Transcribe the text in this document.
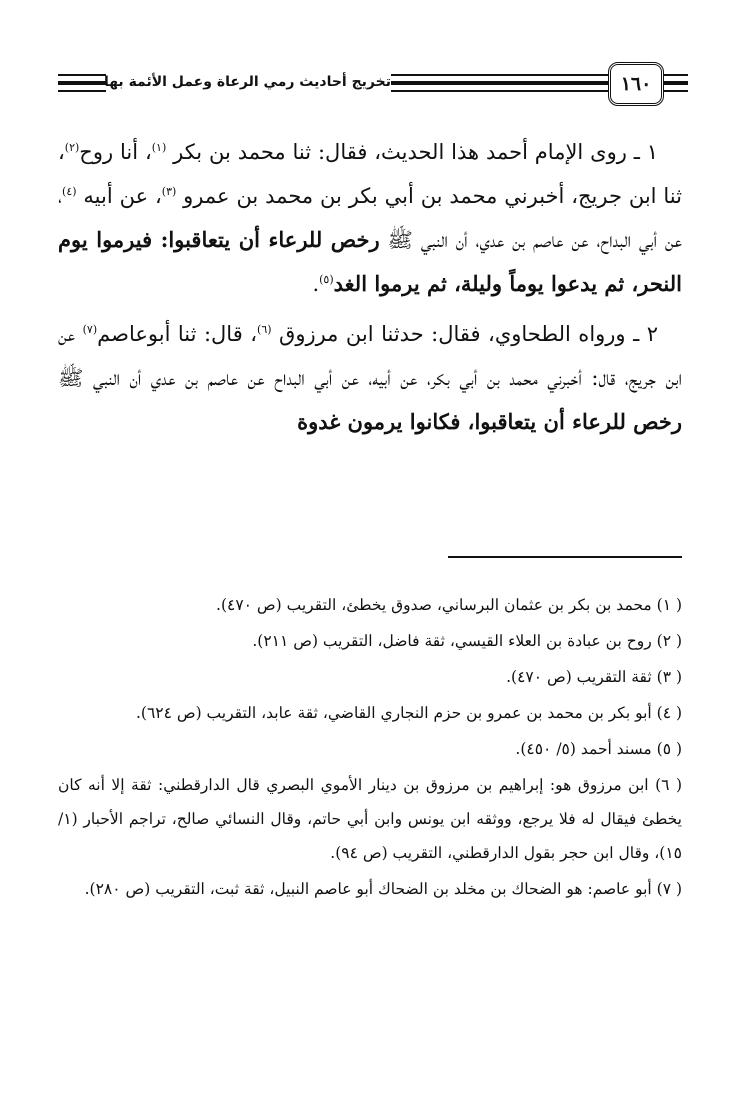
تخريج أحاديث رمي الرعاة وعمل الأئمة بها	١٦٠

١ ـ روى الإمام أحمد هذا الحديث، فقال: ثنا محمد بن بكر $^{(١)}$، أنا روح$^{(٢)}$، ثنا ابن جريج، أخبرني محمد بن أبي بكر بن محمد بن عمرو $^{(٣)}$، عن أبيه $^{(٤)}$، عن أبي البداح، عن عاصم بن عدي، أن النبي ﷺ رخص للرعاء أن يتعاقبوا: فيرموا يوم النحر، ثم يدعوا يوماً وليلة، ثم يرموا الغد$^{(٥)}$.

٢ ـ ورواه الطحاوي، فقال: حدثنا ابن مرزوق $^{(٦)}$، قال: ثنا أبوعاصم$^{(٧)}$ عن ابن جريج، قال: أخبرني محمد بن أبي بكر، عن أبيه، عن أبي البداح عن عاصم بن عدي أن النبي ﷺ رخص للرعاء أن يتعاقبوا، فكانوا يرمون غدوة

( ١) محمد بن بكر بن عثمان البرساني، صدوق يخطئ، التقريب (ص ٤٧٠).

( ٢) روح بن عبادة بن العلاء القيسي، ثقة فاضل، التقريب (ص ٢١١).

( ٣) ثقة التقريب (ص ٤٧٠).

( ٤) أبو بكر بن محمد بن عمرو بن حزم النجاري القاضي، ثقة عابد، التقريب (ص ٦٢٤).

( ٥) مسند أحمد (٥/ ٤٥٠).

( ٦) ابن مرزوق هو: إبراهيم بن مرزوق بن دينار الأموي البصري قال الدارقطني: ثقة إلا أنه كان يخطئ فيقال له فلا يرجع، ووثقه ابن يونس وابن أبي حاتم، وقال النسائي صالح، تراجم الأحبار (١/ ١٥)، وقال ابن حجر بقول الدارقطني، التقريب (ص ٩٤).

( ٧) أبو عاصم: هو الضحاك بن مخلد بن الضحاك أبو عاصم النبيل، ثقة ثبت، التقريب (ص ٢٨٠).
